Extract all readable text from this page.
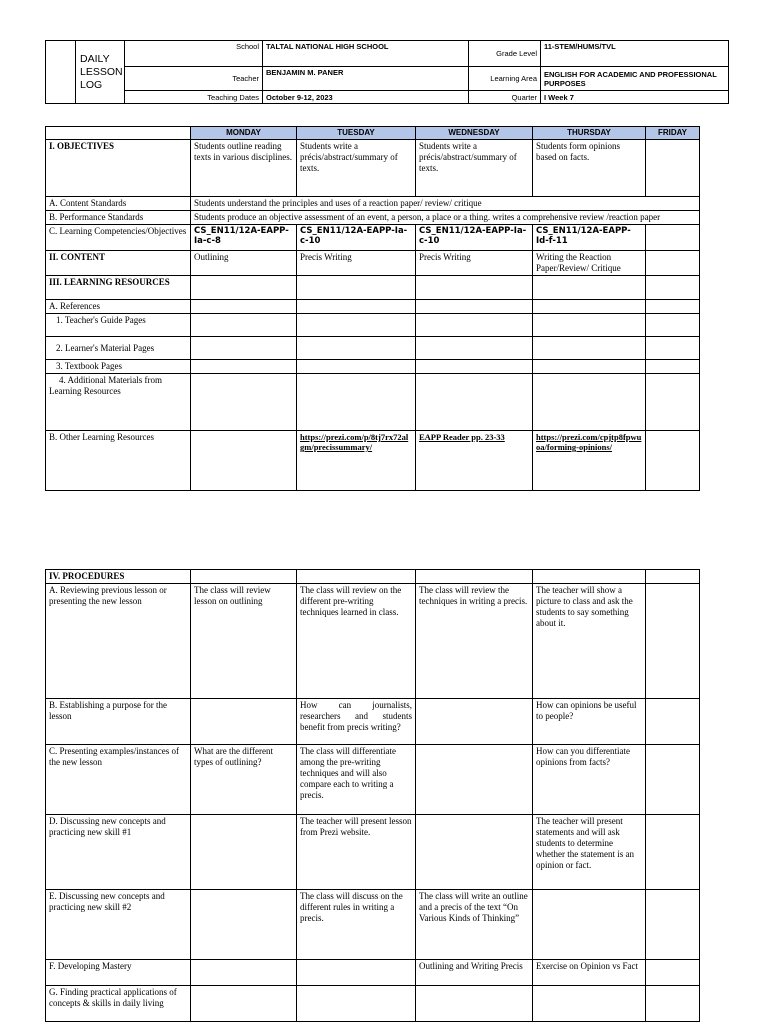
	DAILY
LESSON
LOG	School	TALTAL NATIONAL HIGH SCHOOL	Grade Level	11-STEM/HUMS/TVL
		Teacher	BENJAMIN M. PANER	Learning Area	ENGLISH FOR ACADEMIC AND PROFESSIONAL PURPOSES
		Teaching Dates	October 9-12, 2023	Quarter	I Week 7
	MONDAY	TUESDAY	WEDNESDAY	THURSDAY	FRIDAY
I. OBJECTIVES	Students outline reading texts in various disciplines.	Students write a précis/abstract/summary of texts.	Students write a précis/abstract/summary of texts.	Students form opinions based on facts.	
A. Content Standards	Students understand the principles and uses of a reaction paper/ review/ critique				
B. Performance Standards	Students produce an objective assessment of an event, a person, a place or a thing. writes a comprehensive review /reaction paper				
C. Learning Competencies/Objectives	CS_EN11/12A-EAPP-Ia-c-8	CS_EN11/12A-EAPP-Ia-c-10	CS_EN11/12A-EAPP-Ia-c-10	CS_EN11/12A-EAPP-Id-f-11	
II. CONTENT	Outlining	Precis Writing	Precis Writing	Writing the Reaction Paper/Review/ Critique	
III. LEARNING RESOURCES					
A. References					
1. Teacher's Guide Pages					
2. Learner's Material Pages					
3. Textbook Pages					
4. Additional Materials from Learning Resources					
B. Other Learning Resources		https://prezi.com/p/8tj7rx72algm/precissummary/	EAPP Reader pp. 23-33	https://prezi.com/cpjtp8fpwuoa/forming-opinions/	
IV. PROCEDURES					
A. Reviewing previous lesson or presenting the new lesson	The class will review lesson on outlining	The class will review on the different pre-writing techniques learned in class.	The class will review the techniques in writing a precis.	The teacher will show a picture to class and ask the students to say something about it.	
B. Establishing a purpose for the lesson		How can journalists, researchers and students benefit from precis writing?		How can opinions be useful to people?	
C. Presenting examples/instances of the new lesson	What are the different types of outlining?	The class will differentiate among the pre-writing techniques and will also compare each to writing a precis.		How can you differentiate opinions from facts?	
D. Discussing new concepts and practicing new skill #1		The teacher will present lesson from Prezi website.		The teacher will present statements and will ask students to determine whether the statement is an opinion or fact.	
E. Discussing new concepts and practicing new skill #2		The class will discuss on the different rules in writing a precis.	The class will write an outline and a precis of the text “On Various Kinds of Thinking”		
F. Developing Mastery			Outlining and Writing Precis	Exercise on Opinion vs Fact	
G. Finding practical applications of concepts & skills in daily living					
